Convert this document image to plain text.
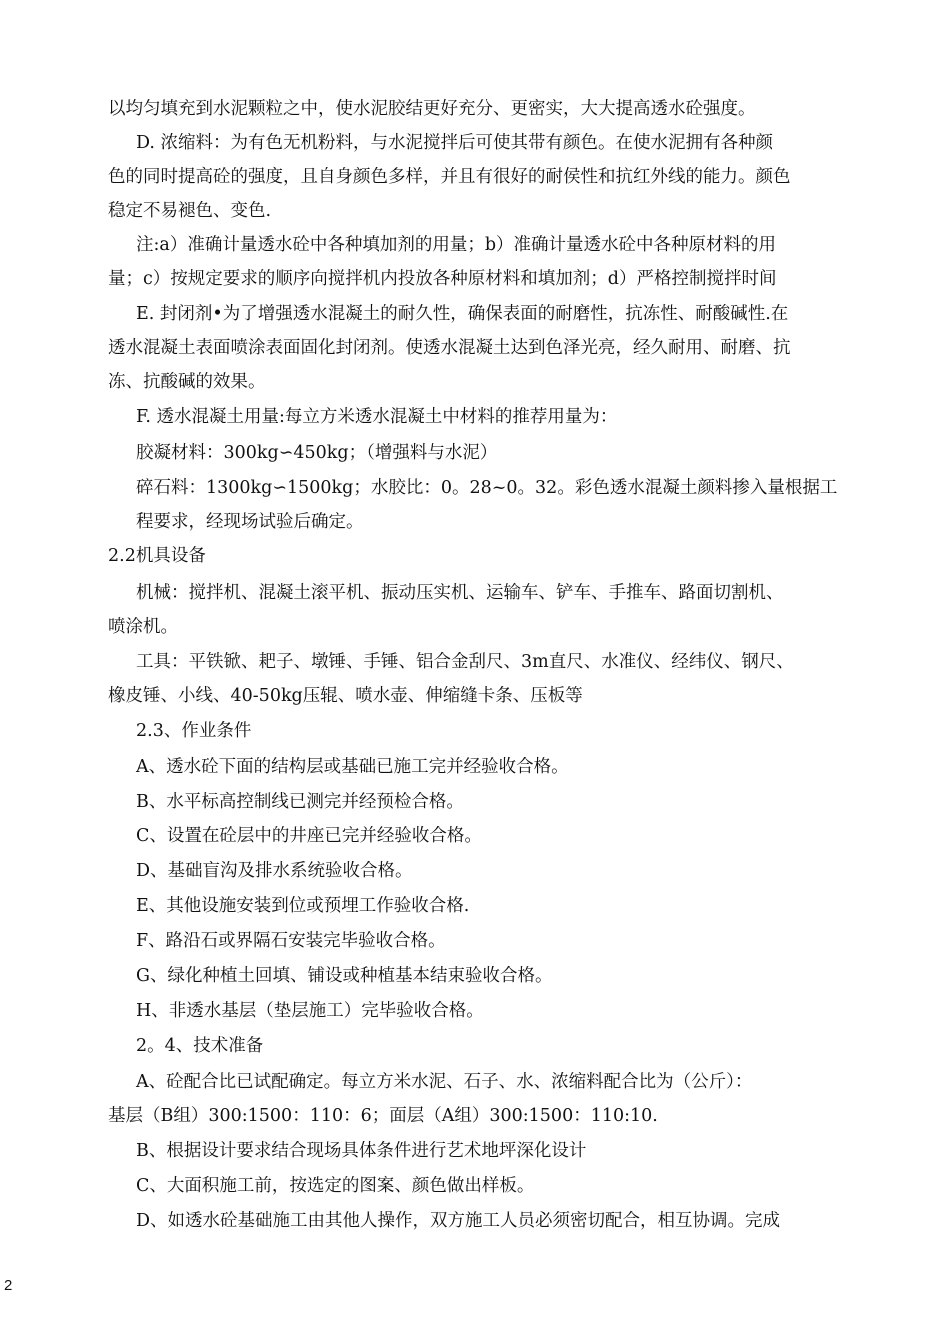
以均匀填充到水泥颗粒之中，使水泥胶结更好充分、更密实，大大提高透水砼强度。
D. 浓缩料：为有色无机粉料，与水泥搅拌后可使其带有颜色。在使水泥拥有各种颜
色的同时提高砼的强度，且自身颜色多样，并且有很好的耐侯性和抗红外线的能力。颜色
稳定不易褪色、变色.
注:a）准确计量透水砼中各种填加剂的用量；b）准确计量透水砼中各种原材料的用
量；c）按规定要求的顺序向搅拌机内投放各种原材料和填加剂；d）严格控制搅拌时间
E. 封闭剂•为了增强透水混凝土的耐久性，确保表面的耐磨性，抗冻性、耐酸碱性.在
透水混凝土表面喷涂表面固化封闭剂。使透水混凝土达到色泽光亮，经久耐用、耐磨、抗
冻、抗酸碱的效果。
F. 透水混凝土用量:每立方米透水混凝土中材料的推荐用量为：
胶凝材料：300kg∽450kg；（增强料与水泥）
碎石料：1300kg∽1500kg；水胶比：0。28~0。32。彩色透水混凝土颜料掺入量根据工
程要求，经现场试验后确定。
2.2机具设备
机械：搅拌机、混凝土滚平机、振动压实机、运输车、铲车、手推车、路面切割机、
喷涂机。
工具：平铁锨、耙子、墩锤、手锤、铝合金刮尺、3m直尺、水准仪、经纬仪、钢尺、
橡皮锤、小线、40-50kg压辊、喷水壶、伸缩缝卡条、压板等
2.3、作业条件
A、透水砼下面的结构层或基础已施工完并经验收合格。
B、水平标高控制线已测完并经预检合格。
C、设置在砼层中的井座已完并经验收合格。
D、基础盲沟及排水系统验收合格。
E、其他设施安装到位或预埋工作验收合格.
F、路沿石或界隔石安装完毕验收合格。
G、绿化种植土回填、铺设或种植基本结束验收合格。
H、非透水基层（垫层施工）完毕验收合格。
2。4、技术准备
A、砼配合比已试配确定。每立方米水泥、石子、水、浓缩料配合比为（公斤）：
基层（B组）300:1500：110：6；面层（A组）300:1500：110:10.
B、根据设计要求结合现场具体条件进行艺术地坪深化设计
C、大面积施工前，按选定的图案、颜色做出样板。
D、如透水砼基础施工由其他人操作，双方施工人员必须密切配合，相互协调。完成
2
